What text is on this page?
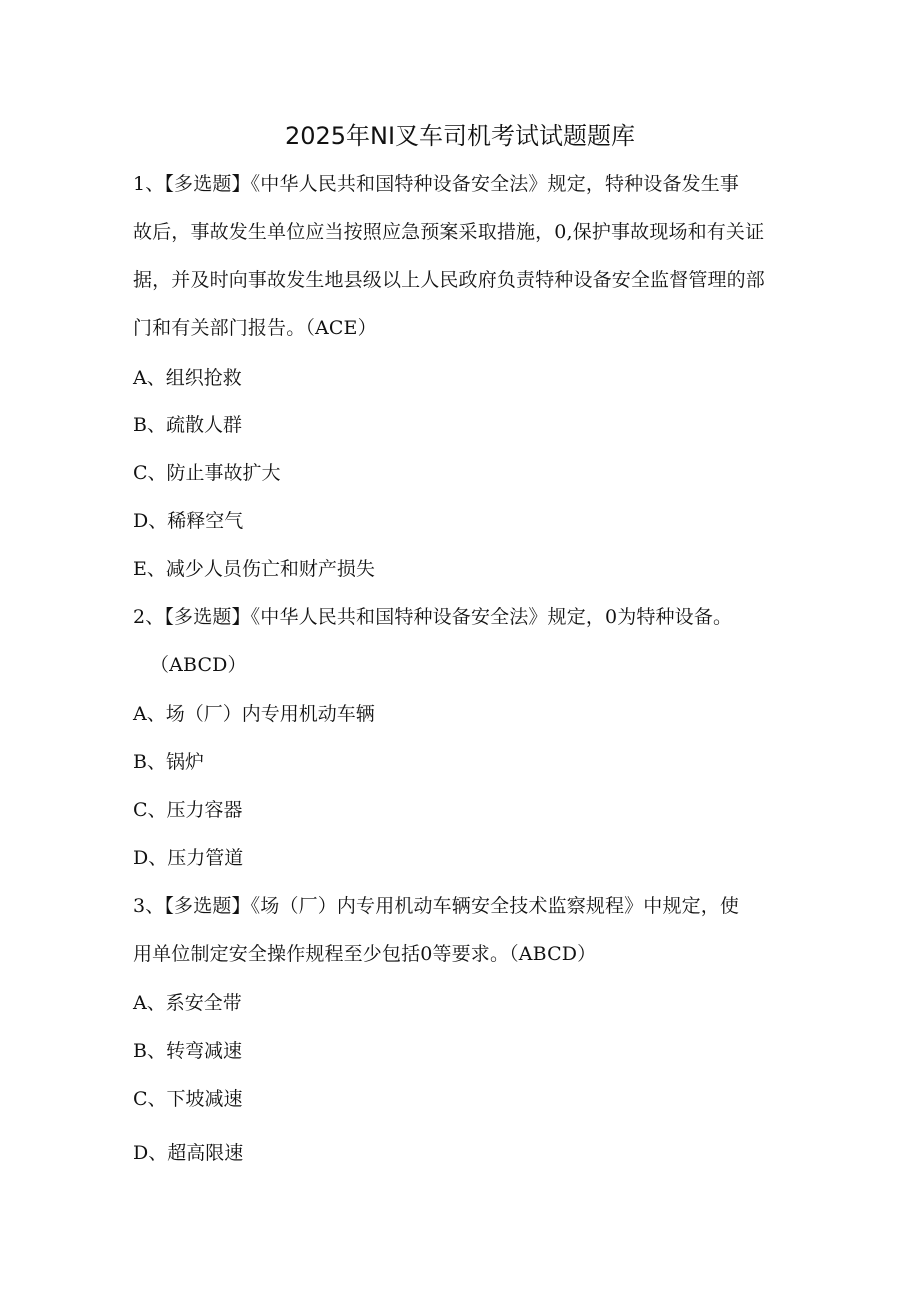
2025年NI叉车司机考试试题题库
1、【多选题】《中华人民共和国特种设备安全法》规定，特种设备发生事
故后，事故发生单位应当按照应急预案采取措施，0,保护事故现场和有关证
据，并及时向事故发生地县级以上人民政府负责特种设备安全监督管理的部
门和有关部门报告。（ACE）
A、组织抢救
B、疏散人群
C、防止事故扩大
D、稀释空气
E、减少人员伤亡和财产损失
2、【多选题】《中华人民共和国特种设备安全法》规定，0为特种设备。
（ABCD）
A、场（厂）内专用机动车辆
B、锅炉
C、压力容器
D、压力管道
3、【多选题】《场（厂）内专用机动车辆安全技术监察规程》中规定，使
用单位制定安全操作规程至少包括0等要求。（ABCD）
A、系安全带
B、转弯减速
C、下坡减速
D、超高限速
